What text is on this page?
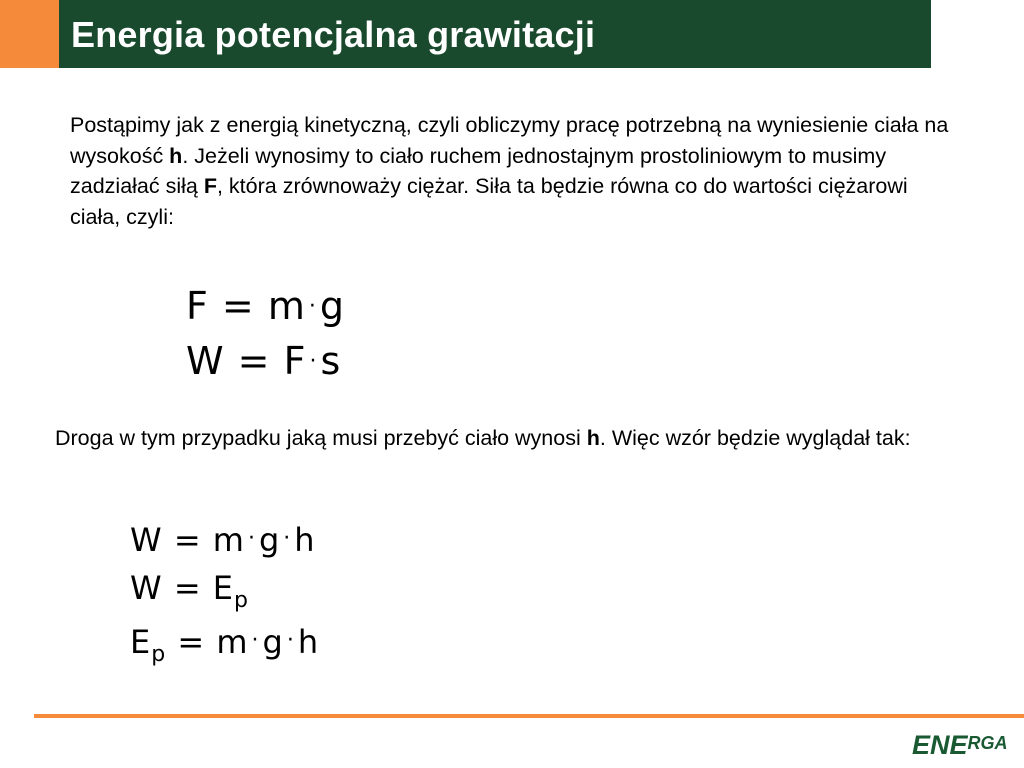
Energia potencjalna grawitacji
Postąpimy jak z energią kinetyczną, czyli obliczymy pracę potrzebną na wyniesienie ciała na wysokość h. Jeżeli wynosimy to ciało ruchem jednostajnym prostoliniowym to musimy zadziałać siłą F, która zrównoważy ciężar. Siła ta będzie równa co do wartości ciężarowi ciała, czyli:
F = m ·g
W = F ·s
Droga w tym przypadku jaką musi przebyć ciało wynosi h. Więc wzór będzie wyglądał tak:
W = m ·g ·h
$W = E_p$
$E_p = m \cdot g \cdot h$
ENERGA
